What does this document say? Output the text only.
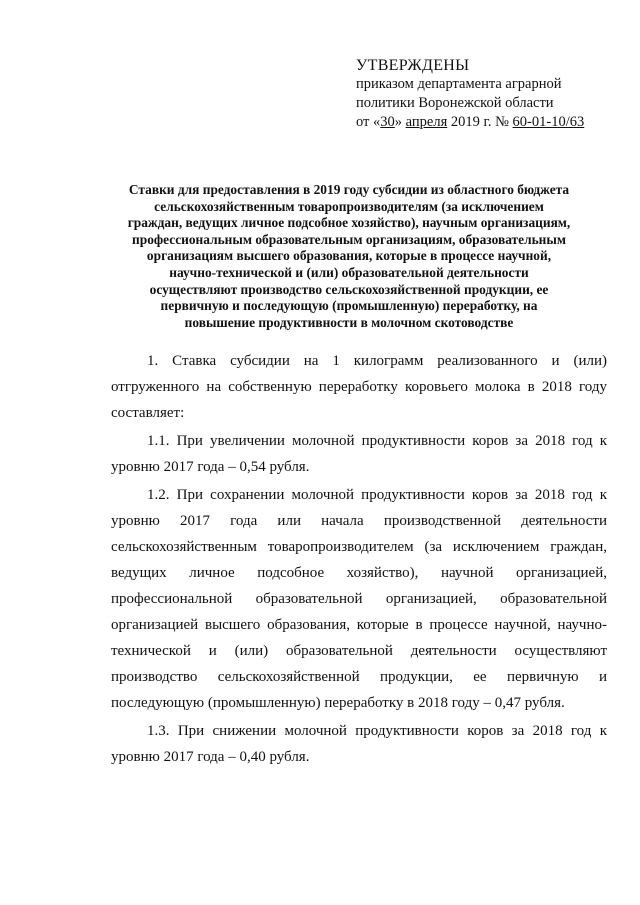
УТВЕРЖДЕНЫ
приказом департамента аграрной
политики Воронежской области
от «30» апреля 2019 г. № 60-01-10/63
Ставки для предоставления в 2019 году субсидии из областного бюджета
сельскохозяйственным товаропроизводителям (за исключением
граждан, ведущих личное подсобное хозяйство), научным организациям,
профессиональным образовательным организациям, образовательным
организациям высшего образования, которые в процессе научной,
научно-технической и (или) образовательной деятельности
осуществляют производство сельскохозяйственной продукции, ее
первичную и последующую (промышленную) переработку, на
повышение продуктивности в молочном скотоводстве
1. Ставка субсидии на 1 килограмм реализованного и (или)
отгруженного на собственную переработку коровьего молока в 2018 году
составляет:
1.1. При увеличении молочной продуктивности коров за 2018 год к
уровню 2017 года – 0,54 рубля.
1.2. При сохранении молочной продуктивности коров за 2018 год к
уровню 2017 года или начала производственной деятельности
сельскохозяйственным товаропроизводителем (за исключением граждан,
ведущих личное подсобное хозяйство), научной организацией,
профессиональной образовательной организацией, образовательной
организацией высшего образования, которые в процессе научной, научно-
технической и (или) образовательной деятельности осуществляют
производство сельскохозяйственной продукции, ее первичную и
последующую (промышленную) переработку в 2018 году – 0,47 рубля.
1.3. При снижении молочной продуктивности коров за 2018 год к
уровню 2017 года – 0,40 рубля.
